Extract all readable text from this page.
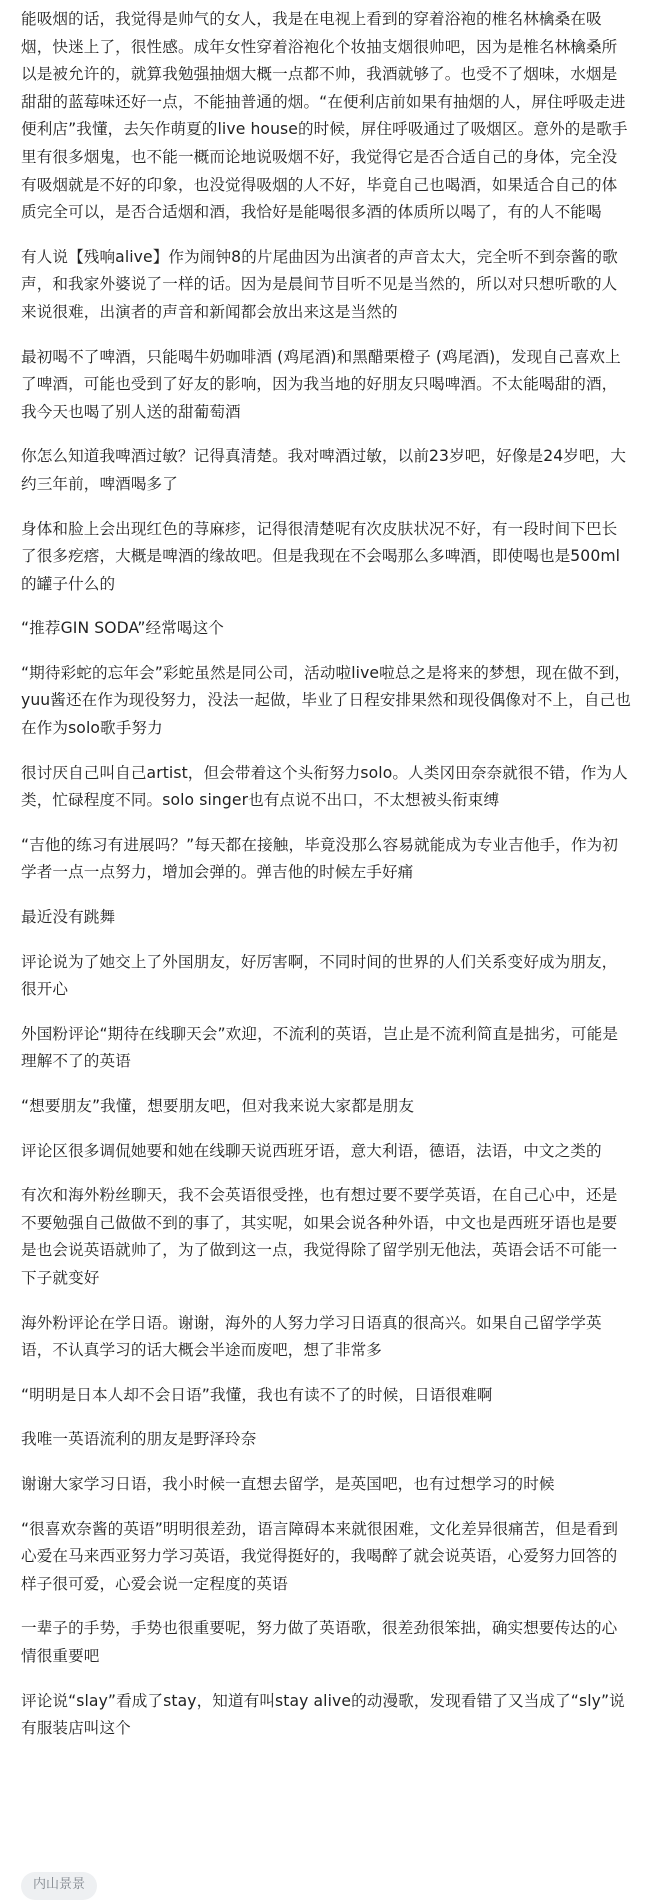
能吸烟的话，我觉得是帅气的女人，我是在电视上看到的穿着浴袍的椎名林檎桑在吸烟，快迷上了，很性感。成年女性穿着浴袍化个妆抽支烟很帅吧，因为是椎名林檎桑所以是被允许的，就算我勉强抽烟大概一点都不帅，我酒就够了。也受不了烟味，水烟是甜甜的蓝莓味还好一点，不能抽普通的烟。“在便利店前如果有抽烟的人，屏住呼吸走进便利店”我懂，去矢作萌夏的live house的时候，屏住呼吸通过了吸烟区。意外的是歌手里有很多烟鬼，也不能一概而论地说吸烟不好，我觉得它是否合适自己的身体，完全没有吸烟就是不好的印象，也没觉得吸烟的人不好，毕竟自己也喝酒，如果适合自己的体质完全可以，是否合适烟和酒，我恰好是能喝很多酒的体质所以喝了，有的人不能喝

有人说【残响alive】作为闹钟8的片尾曲因为出演者的声音太大，完全听不到奈酱的歌声，和我家外婆说了一样的话。因为是晨间节目听不见是当然的，所以对只想听歌的人来说很难，出演者的声音和新闻都会放出来这是当然的

最初喝不了啤酒，只能喝牛奶咖啡酒 (鸡尾酒)和黑醋栗橙子 (鸡尾酒)，发现自己喜欢上了啤酒，可能也受到了好友的影响，因为我当地的好朋友只喝啤酒。不太能喝甜的酒，我今天也喝了别人送的甜葡萄酒

你怎么知道我啤酒过敏？记得真清楚。我对啤酒过敏，以前23岁吧，好像是24岁吧，大约三年前，啤酒喝多了

身体和脸上会出现红色的荨麻疹，记得很清楚呢有次皮肤状况不好，有一段时间下巴长了很多疙瘩，大概是啤酒的缘故吧。但是我现在不会喝那么多啤酒，即使喝也是500ml的罐子什么的

“推荐GIN SODA”经常喝这个

“期待彩蛇的忘年会”彩蛇虽然是同公司，活动啦live啦总之是将来的梦想，现在做不到，yuu酱还在作为现役努力，没法一起做，毕业了日程安排果然和现役偶像对不上，自己也在作为solo歌手努力

很讨厌自己叫自己artist，但会带着这个头衔努力solo。人类冈田奈奈就很不错，作为人类，忙碌程度不同。solo singer也有点说不出口，不太想被头衔束缚

“吉他的练习有进展吗？”每天都在接触，毕竟没那么容易就能成为专业吉他手，作为初学者一点一点努力，增加会弹的。弹吉他的时候左手好痛

最近没有跳舞

评论说为了她交上了外国朋友，好厉害啊，不同时间的世界的人们关系变好成为朋友，很开心

外国粉评论“期待在线聊天会”欢迎，不流利的英语，岂止是不流利简直是拙劣，可能是理解不了的英语

“想要朋友”我懂，想要朋友吧，但对我来说大家都是朋友

评论区很多调侃她要和她在线聊天说西班牙语，意大利语，德语，法语，中文之类的

有次和海外粉丝聊天，我不会英语很受挫，也有想过要不要学英语，在自己心中，还是不要勉强自己做做不到的事了，其实呢，如果会说各种外语，中文也是西班牙语也是要是也会说英语就帅了，为了做到这一点，我觉得除了留学别无他法，英语会话不可能一下子就变好

海外粉评论在学日语。谢谢，海外的人努力学习日语真的很高兴。如果自己留学学英语，不认真学习的话大概会半途而废吧，想了非常多

“明明是日本人却不会日语”我懂，我也有读不了的时候，日语很难啊

我唯一英语流利的朋友是野泽玲奈

谢谢大家学习日语，我小时候一直想去留学，是英国吧，也有过想学习的时候

“很喜欢奈酱的英语”明明很差劲，语言障碍本来就很困难，文化差异很痛苦，但是看到心爱在马来西亚努力学习英语，我觉得挺好的，我喝醉了就会说英语，心爱努力回答的样子很可爱，心爱会说一定程度的英语

一辈子的手势，手势也很重要呢，努力做了英语歌，很差劲很笨拙，确实想要传达的心情很重要吧

评论说“slay”看成了stay，知道有叫stay alive的动漫歌，发现看错了又当成了“sly”说有服装店叫这个

内山景景
